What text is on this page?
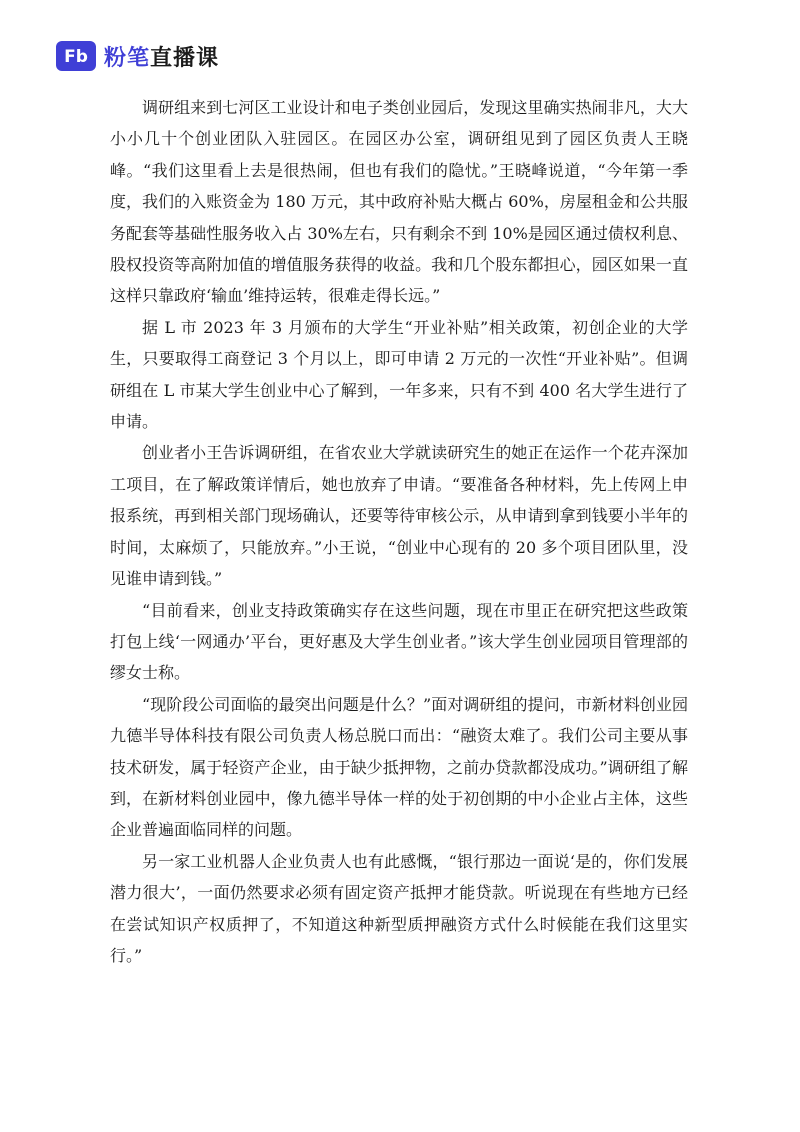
Fb 粉笔直播课

调研组来到七河区工业设计和电子类创业园后，发现这里确实热闹非凡，大大小小几十个创业团队入驻园区。在园区办公室，调研组见到了园区负责人王晓峰。“我们这里看上去是很热闹，但也有我们的隐忧。”王晓峰说道，“今年第一季度，我们的入账资金为 180 万元，其中政府补贴大概占 60%，房屋租金和公共服务配套等基础性服务收入占 30%左右，只有剩余不到 10%是园区通过债权利息、股权投资等高附加值的增值服务获得的收益。我和几个股东都担心，园区如果一直这样只靠政府‘输血’维持运转，很难走得长远。”

据 L 市 2023 年 3 月颁布的大学生“开业补贴”相关政策，初创企业的大学生，只要取得工商登记 3 个月以上，即可申请 2 万元的一次性“开业补贴”。但调研组在 L 市某大学生创业中心了解到，一年多来，只有不到 400 名大学生进行了申请。

创业者小王告诉调研组，在省农业大学就读研究生的她正在运作一个花卉深加工项目，在了解政策详情后，她也放弃了申请。“要准备各种材料，先上传网上申报系统，再到相关部门现场确认，还要等待审核公示，从申请到拿到钱要小半年的时间，太麻烦了，只能放弃。”小王说，“创业中心现有的 20 多个项目团队里，没见谁申请到钱。”

“目前看来，创业支持政策确实存在这些问题，现在市里正在研究把这些政策打包上线‘一网通办’平台，更好惠及大学生创业者。”该大学生创业园项目管理部的缪女士称。

“现阶段公司面临的最突出问题是什么？”面对调研组的提问，市新材料创业园九德半导体科技有限公司负责人杨总脱口而出：“融资太难了。我们公司主要从事技术研发，属于轻资产企业，由于缺少抵押物，之前办贷款都没成功。”调研组了解到，在新材料创业园中，像九德半导体一样的处于初创期的中小企业占主体，这些企业普遍面临同样的问题。

另一家工业机器人企业负责人也有此感慨，“银行那边一面说‘是的，你们发展潜力很大’，一面仍然要求必须有固定资产抵押才能贷款。听说现在有些地方已经在尝试知识产权质押了，不知道这种新型质押融资方式什么时候能在我们这里实行。”
